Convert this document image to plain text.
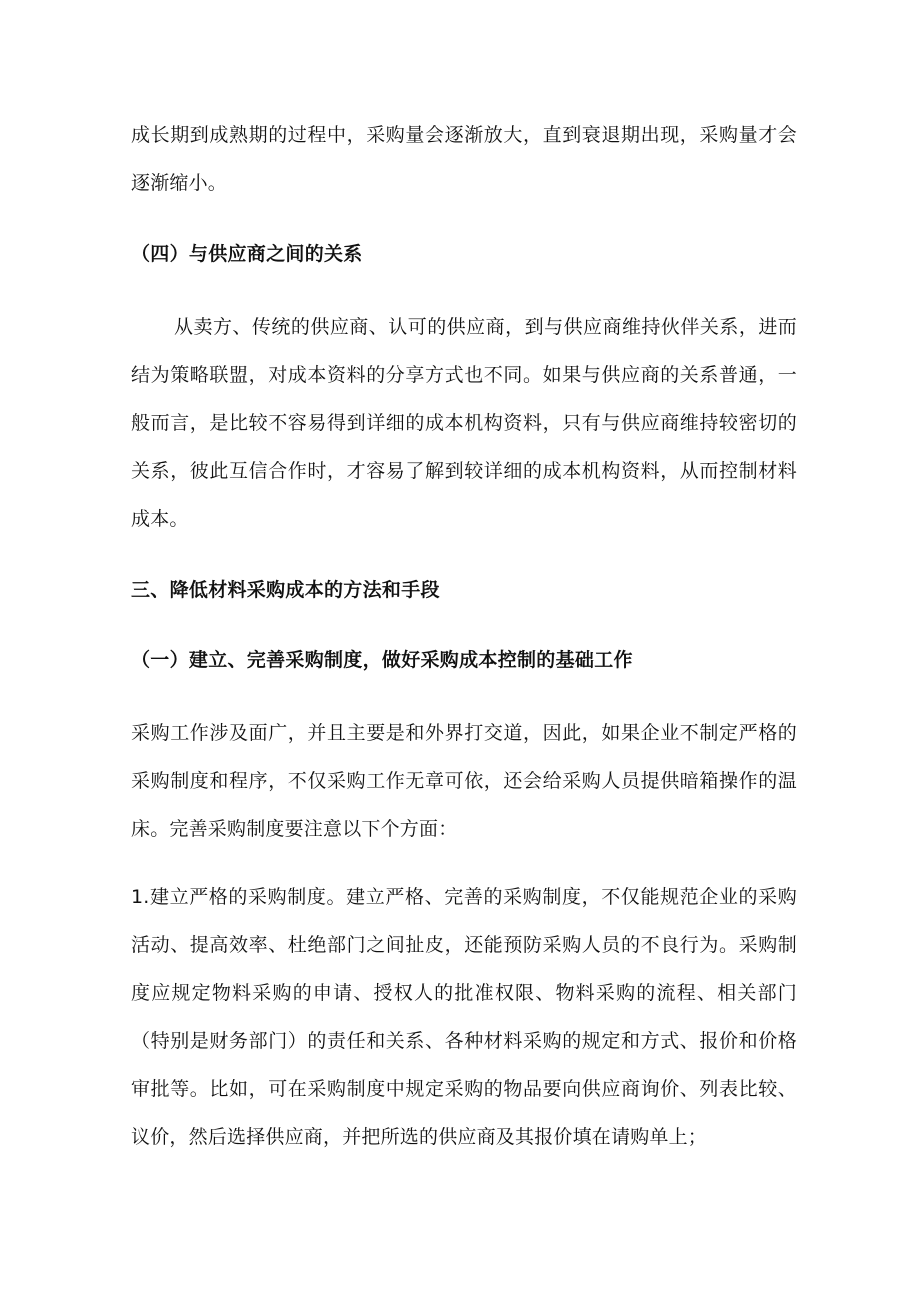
成长期到成熟期的过程中，采购量会逐渐放大，直到衰退期出现，采购量才会逐渐缩小。

（四）与供应商之间的关系

从卖方、传统的供应商、认可的供应商，到与供应商维持伙伴关系，进而结为策略联盟，对成本资料的分享方式也不同。如果与供应商的关系普通，一般而言，是比较不容易得到详细的成本机构资料，只有与供应商维持较密切的关系，彼此互信合作时，才容易了解到较详细的成本机构资料，从而控制材料成本。

三、降低材料采购成本的方法和手段

（一）建立、完善采购制度，做好采购成本控制的基础工作

采购工作涉及面广，并且主要是和外界打交道，因此，如果企业不制定严格的采购制度和程序，不仅采购工作无章可依，还会给采购人员提供暗箱操作的温床。完善采购制度要注意以下个方面：

1.建立严格的采购制度。建立严格、完善的采购制度，不仅能规范企业的采购活动、提高效率、杜绝部门之间扯皮，还能预防采购人员的不良行为。采购制度应规定物料采购的申请、授权人的批准权限、物料采购的流程、相关部门（特别是财务部门）的责任和关系、各种材料采购的规定和方式、报价和价格审批等。比如，可在采购制度中规定采购的物品要向供应商询价、列表比较、议价，然后选择供应商，并把所选的供应商及其报价填在请购单上；
